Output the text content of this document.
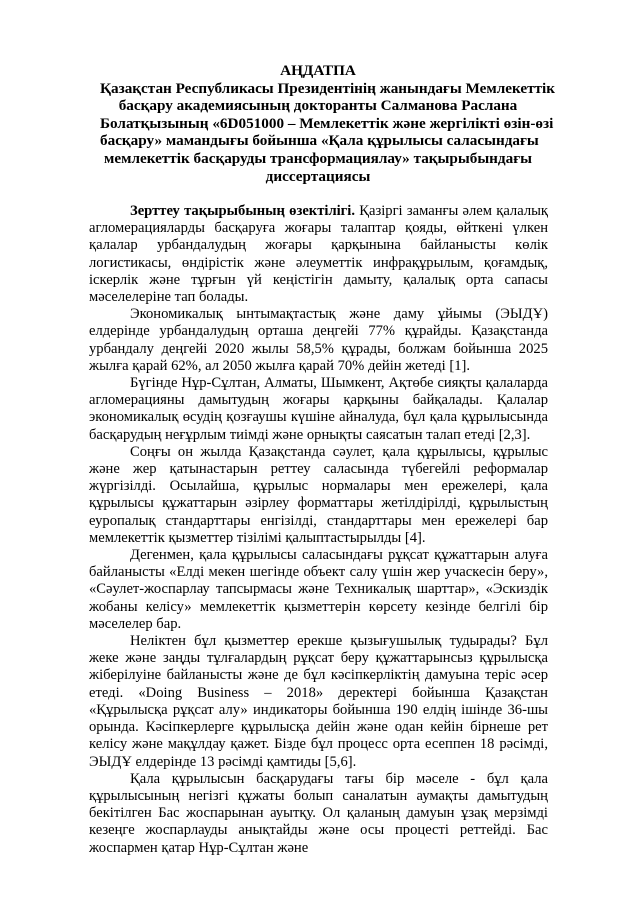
АҢДАТПА
Қазақстан Республикасы Президентінің жанындағы Мемлекеттік
басқару академиясының докторанты Салманова Раслана
Болатқызының «6D051000 – Мемлекеттік және жергілікті өзін-өзі
басқару» мамандығы бойынша «Қала құрылысы саласындағы
мемлекеттік басқаруды трансформациялау» тақырыбындағы
диссертациясы

Зерттеу тақырыбының өзектілігі. Қазіргі заманғы әлем қалалық агломерацияларды басқаруға жоғары талаптар қояды, өйткені үлкен қалалар урбандалудың жоғары қарқынына байланысты көлік логистикасы, өндірістік және әлеуметтік инфрақұрылым, қоғамдық, іскерлік және тұрғын үй кеңістігін дамыту, қалалық орта сапасы мәселелеріне тап болады.

Экономикалық ынтымақтастық және даму ұйымы (ЭЫДҰ) елдерінде урбандалудың орташа деңгейі 77% құрайды. Қазақстанда урбандалу деңгейі 2020 жылы 58,5% құрады, болжам бойынша 2025 жылға қарай 62%, ал 2050 жылға қарай 70% дейін жетеді [1].

Бүгінде Нұр-Сұлтан, Алматы, Шымкент, Ақтөбе сияқты қалаларда агломерацияны дамытудың жоғары қарқыны байқалады. Қалалар экономикалық өсудің қозғаушы күшіне айналуда, бұл қала құрылысында басқарудың неғұрлым тиімді және орнықты саясатын талап етеді [2,3].

Соңғы он жылда Қазақстанда сәулет, қала құрылысы, құрылыс және жер қатынастарын реттеу саласында түбегейлі реформалар жүргізілді. Осылайша, құрылыс нормалары мен ережелері, қала құрылысы құжаттарын әзірлеу форматтары жетілдірілді, құрылыстың еуропалық стандарттары енгізілді, стандарттары мен ережелері бар мемлекеттік қызметтер тізілімі қалыптастырылды [4].

Дегенмен, қала құрылысы саласындағы рұқсат құжаттарын алуға байланысты «Елді мекен шегінде объект салу үшін жер учаскесін беру», «Сәулет-жоспарлау тапсырмасы және Техникалық шарттар», «Эскиздік жобаны келісу» мемлекеттік қызметтерін көрсету кезінде белгілі бір мәселелер бар.

Неліктен бұл қызметтер ерекше қызығушылық тудырады? Бұл жеке және заңды тұлғалардың рұқсат беру құжаттарынсыз құрылысқа жіберілуіне байланысты және де бұл кәсіпкерліктің дамуына теріс әсер етеді. «Doing Business – 2018» деректері бойынша Қазақстан «Құрылысқа рұқсат алу» индикаторы бойынша 190 елдің ішінде 36-шы орында. Кәсіпкерлерге құрылысқа дейін және одан кейін бірнеше рет келісу және мақұлдау қажет. Бізде бұл процесс орта есеппен 18 рәсімді, ЭЫДҰ елдерінде 13 рәсімді қамтиды [5,6].

Қала құрылысын басқарудағы тағы бір мәселе - бұл қала құрылысының негізгі құжаты болып саналатын аумақты дамытудың бекітілген Бас жоспарынан ауытқу. Ол қаланың дамуын ұзақ мерзімді кезеңге жоспарлауды анықтайды және осы процесті реттейді. Бас жоспармен қатар Нұр-Сұлтан және
